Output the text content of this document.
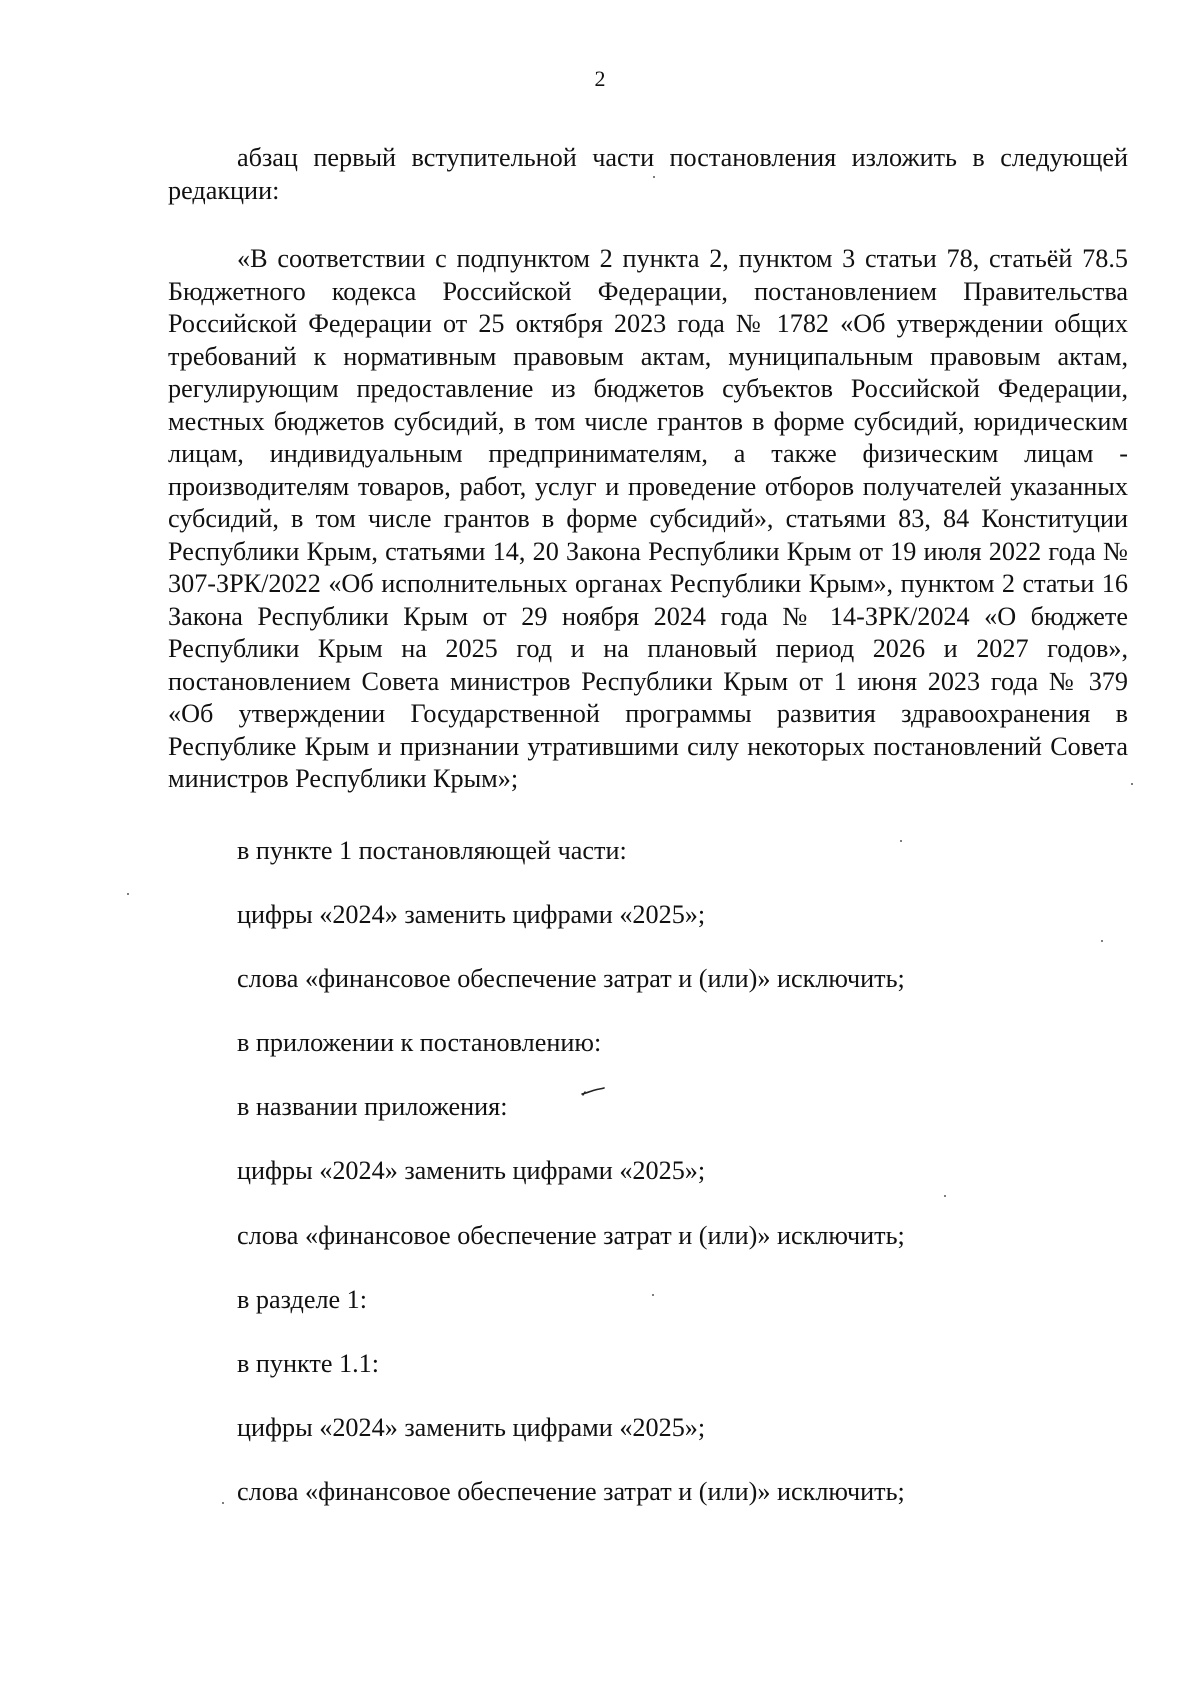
2

абзац первый вступительной части постановления изложить в следующей редакции:

«В соответствии с подпунктом 2 пункта 2, пунктом 3 статьи 78, статьёй 78.5 Бюджетного кодекса Российской Федерации, постановлением Правительства Российской Федерации от 25 октября 2023 года № 1782 «Об утверждении общих требований к нормативным правовым актам, муниципальным правовым актам, регулирующим предоставление из бюджетов субъектов Российской Федерации, местных бюджетов субсидий, в том числе грантов в форме субсидий, юридическим лицам, индивидуальным предпринимателям, а также физическим лицам - производителям товаров, работ, услуг и проведение отборов получателей указанных субсидий, в том числе грантов в форме субсидий», статьями 83, 84 Конституции Республики Крым, статьями 14, 20 Закона Республики Крым от 19 июля 2022 года № 307-ЗРК/2022 «Об исполнительных органах Республики Крым», пунктом 2 статьи 16 Закона Республики Крым от 29 ноября 2024 года № 14-ЗРК/2024 «О бюджете Республики Крым на 2025 год и на плановый период 2026 и 2027 годов», постановлением Совета министров Республики Крым от 1 июня 2023 года № 379 «Об утверждении Государственной программы развития здравоохранения в Республике Крым и признании утратившими силу некоторых постановлений Совета министров Республики Крым»;

в пункте 1 постановляющей части:
цифры «2024» заменить цифрами «2025»;
слова «финансовое обеспечение затрат и (или)» исключить;
в приложении к постановлению:
в названии приложения:
цифры «2024» заменить цифрами «2025»;
слова «финансовое обеспечение затрат и (или)» исключить;
в разделе 1:
в пункте 1.1:
цифры «2024» заменить цифрами «2025»;
слова «финансовое обеспечение затрат и (или)» исключить;
